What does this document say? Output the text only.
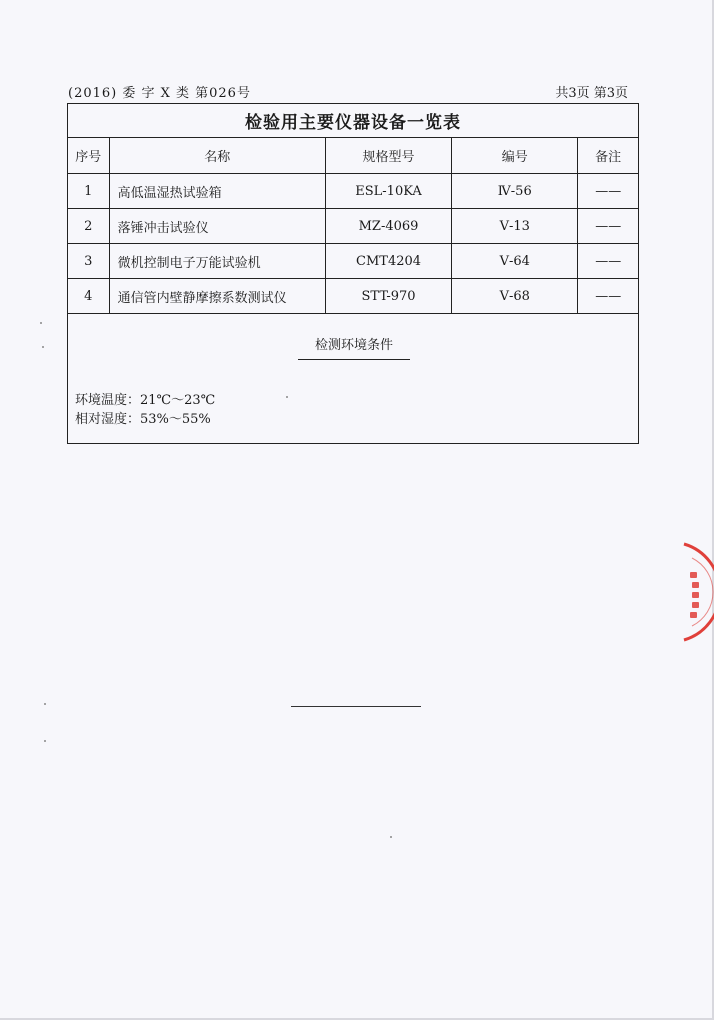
(2016) 委 字 X 类 第026号	共3页 第3页
检验用主要仪器设备一览表
序号	名称	规格型号	编号	备注
1	高低温湿热试验箱	ESL-10KA	Ⅳ-56	——
2	落锤冲击试验仪	MZ-4069	Ⅴ-13	——
3	微机控制电子万能试验机	CMT4204	Ⅴ-64	——
4	通信管内壁静摩擦系数测试仪	STT-970	Ⅴ-68	——
检测环境条件
环境温度：21℃～23℃
相对湿度：53%～55%
